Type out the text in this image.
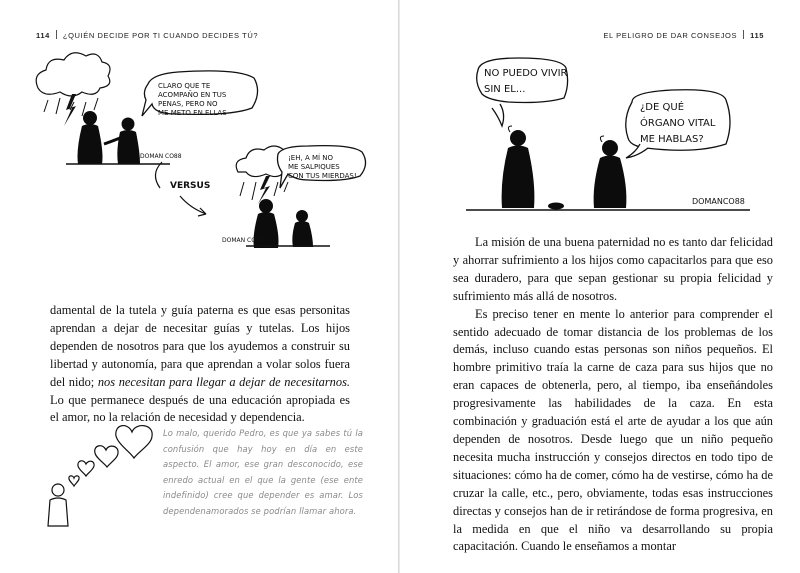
114 ¿QUIÉN DECIDE POR TI CUANDO DECIDES TÚ?
DOMAN CO88
CLARO QUE TE
ACOMPAÑO EN TUS
PENAS, PERO NO
ME METO EN ELLAS
VERSUS
DOMAN CO88
¡EH, A MÍ NO
ME SALPIQUES
CON TUS MIERDAS!

damental de la tutela y guía paterna es que esas personitas aprendan a dejar de necesitar guías y tutelas. Los hijos dependen de nosotros para que los ayudemos a construir su libertad y autonomía, para que aprendan a volar solos fuera del nido; nos necesitan para llegar a dejar de necesitarnos. Lo que permanece después de una educación apropiada es el amor, no la relación de necesidad y dependencia.

Lo malo, querido Pedro, es que ya sabes tú la confusión que hay hoy en día en este aspecto. El amor, ese gran desconocido, ese enredo actual en el que la gente (ese ente indefinido) cree que depender es amar. Los dependenamorados se podrían llamar ahora.
EL PELIGRO DE DAR CONSEJOS 115
NO PUEDO VIVIR
SIN EL...
¿DE QUÉ
ÓRGANO VITAL
ME HABLAS?
DOMANCO88

La misión de una buena paternidad no es tanto dar felicidad y ahorrar sufrimiento a los hijos como capacitarlos para que eso sea duradero, para que sepan gestionar su propia felicidad y sufrimiento más allá de nosotros.

Es preciso tener en mente lo anterior para comprender el sentido adecuado de tomar distancia de los problemas de los demás, incluso cuando estas personas son niños pequeños. El hombre primitivo traía la carne de caza para sus hijos que no eran capaces de obtenerla, pero, al tiempo, iba enseñándoles progresivamente las habilidades de la caza. En esta combinación y graduación está el arte de ayudar a los que aún dependen de nosotros. Desde luego que un niño pequeño necesita mucha instrucción y consejos directos en todo tipo de situaciones: cómo ha de comer, cómo ha de vestirse, cómo ha de cruzar la calle, etc., pero, obviamente, todas esas instrucciones directas y consejos han de ir retirándose de forma progresiva, en la medida en que el niño va desarrollando su propia capacitación. Cuando le enseñamos a montar
